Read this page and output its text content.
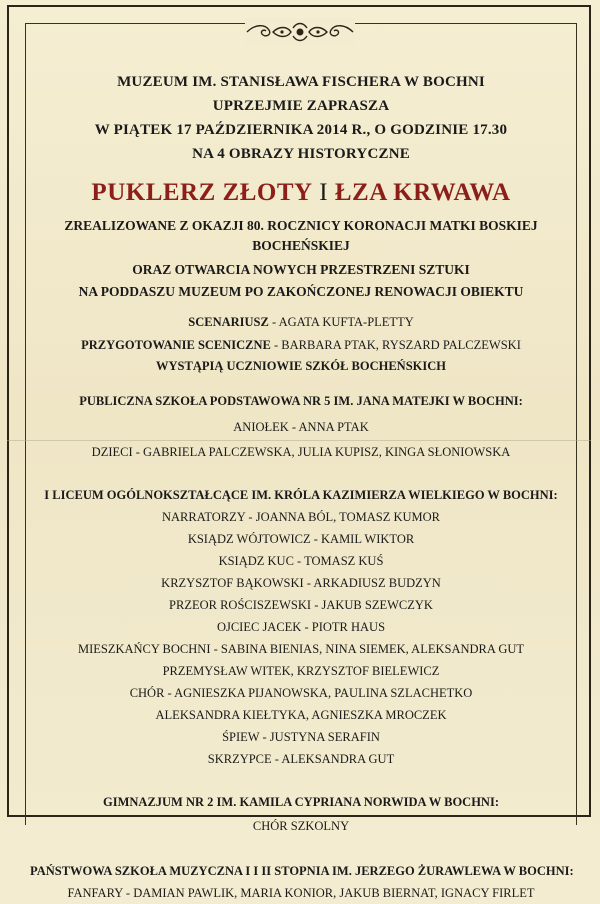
MUZEUM IM. STANISŁAWA FISCHERA W BOCHNI
UPRZEJMIE ZAPRASZA
W PIĄTEK 17 PAŹDZIERNIKA 2014 R., O GODZINIE 17.30
NA 4 OBRAZY HISTORYCZNE
PUKLERZ ZŁOTY I ŁZA KRWAWA
ZREALIZOWANE Z OKAZJI 80. ROCZNICY KORONACJI MATKI BOSKIEJ
BOCHEŃSKIEJ
ORAZ OTWARCIA NOWYCH PRZESTRZENI SZTUKI
NA PODDASZU MUZEUM PO ZAKOŃCZONEJ RENOWACJI OBIEKTU
SCENARIUSZ - AGATA KUFTA-PLETTY
PRZYGOTOWANIE SCENICZNE - BARBARA PTAK, RYSZARD PALCZEWSKI
WYSTĄPIĄ UCZNIOWIE SZKÓŁ BOCHEŃSKICH
PUBLICZNA SZKOŁA PODSTAWOWA NR 5 IM. JANA MATEJKI W BOCHNI:
ANIOŁEK - ANNA PTAK
DZIECI - GABRIELA PALCZEWSKA, JULIA KUPISZ, KINGA SŁONIOWSKA
I LICEUM OGÓLNOKSZTAŁCĄCE IM. KRÓLA KAZIMIERZA WIELKIEGO W BOCHNI:
NARRATORZY - JOANNA BÓL, TOMASZ KUMOR
KSIĄDZ WÓJTOWICZ - KAMIL WIKTOR
KSIĄDZ KUC - TOMASZ KUŚ
KRZYSZTOF BĄKOWSKI - ARKADIUSZ BUDZYN
PRZEOR ROŚCISZEWSKI - JAKUB SZEWCZYK
OJCIEC JACEK - PIOTR HAUS
MIESZKAŃCY BOCHNI - SABINA BIENIAS, NINA SIEMEK, ALEKSANDRA GUT
PRZEMYSŁAW WITEK, KRZYSZTOF BIELEWICZ
CHÓR - AGNIESZKA PIJANOWSKA, PAULINA SZLACHETKO
ALEKSANDRA KIEŁTYKA, AGNIESZKA MROCZEK
ŚPIEW - JUSTYNA SERAFIN
SKRZYPCE - ALEKSANDRA GUT
GIMNAZJUM NR 2 IM. KAMILA CYPRIANA NORWIDA W BOCHNI:
CHÓR SZKOLNY
PAŃSTWOWA SZKOŁA MUZYCZNA I I II STOPNIA IM. JERZEGO ŻURAWLEWA W BOCHNI:
FANFARY - DAMIAN PAWLIK, MARIA KONIOR, JAKUB BIERNAT, IGNACY FIRLET
